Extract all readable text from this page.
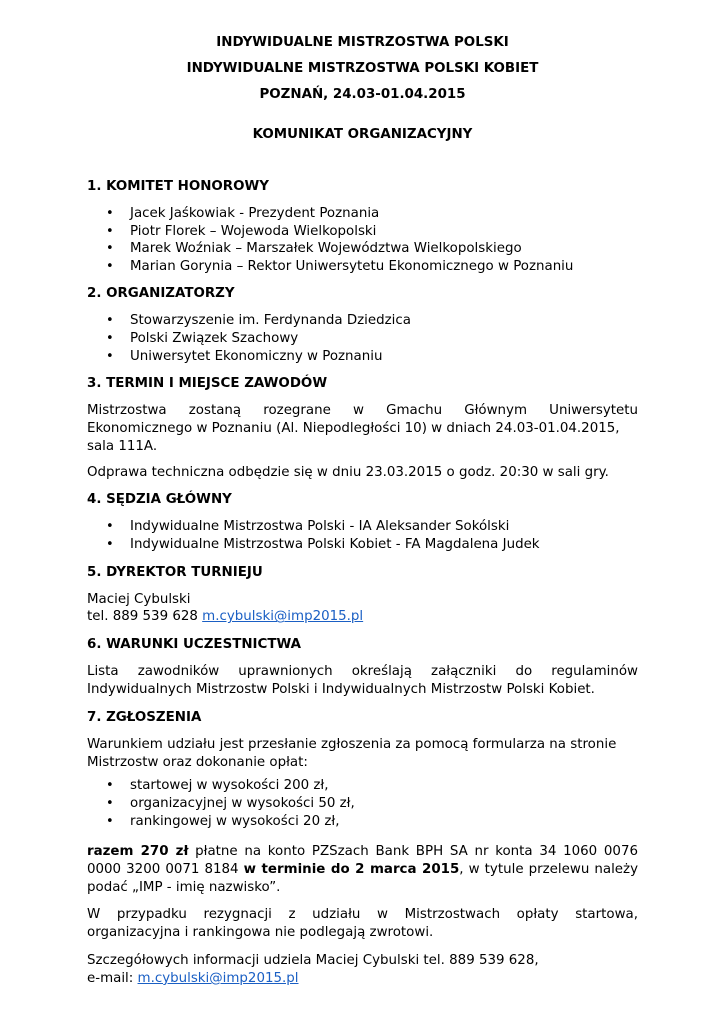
INDYWIDUALNE MISTRZOSTWA POLSKI
INDYWIDUALNE MISTRZOSTWA POLSKI KOBIET
POZNAŃ, 24.03-01.04.2015
KOMUNIKAT ORGANIZACYJNY
1. KOMITET HONOROWY
• Jacek Jaśkowiak - Prezydent Poznania
• Piotr Florek – Wojewoda Wielkopolski
• Marek Woźniak – Marszałek Województwa Wielkopolskiego
• Marian Gorynia – Rektor Uniwersytetu Ekonomicznego w Poznaniu
2. ORGANIZATORZY
• Stowarzyszenie im. Ferdynanda Dziedzica
• Polski Związek Szachowy
• Uniwersytet Ekonomiczny w Poznaniu
3. TERMIN I MIEJSCE ZAWODÓW

Mistrzostwa zostaną rozegrane w Gmachu Głównym Uniwersytetu

Ekonomicznego w Poznaniu (Al. Niepodległości 10) w dniach 24.03-01.04.2015,

sala 111A.

Odprawa techniczna odbędzie się w dniu 23.03.2015 o godz. 20:30 w sali gry.

4. SĘDZIA GŁÓWNY
• Indywidualne Mistrzostwa Polski - IA Aleksander Sokólski
• Indywidualne Mistrzostwa Polski Kobiet - FA Magdalena Judek
5. DYREKTOR TURNIEJU

Maciej Cybulski

tel. 889 539 628 m.cybulski@imp2015.pl

6. WARUNKI UCZESTNICTWA

Lista zawodników uprawnionych określają załączniki do regulaminów

Indywidualnych Mistrzostw Polski i Indywidualnych Mistrzostw Polski Kobiet.

7. ZGŁOSZENIA

Warunkiem udziału jest przesłanie zgłoszenia za pomocą formularza na stronie

Mistrzostw oraz dokonanie opłat:

• startowej w wysokości 200 zł,
• organizacyjnej w wysokości 50 zł,
• rankingowej w wysokości 20 zł,

razem 270 zł płatne na konto PZSzach Bank BPH SA nr konta 34 1060 0076

0000 3200 0071 8184 w terminie do 2 marca 2015, w tytule przelewu należy

podać „IMP - imię nazwisko”.

W przypadku rezygnacji z udziału w Mistrzostwach opłaty startowa,

organizacyjna i rankingowa nie podlegają zwrotowi.

Szczegółowych informacji udziela Maciej Cybulski tel. 889 539 628,

e-mail: m.cybulski@imp2015.pl
